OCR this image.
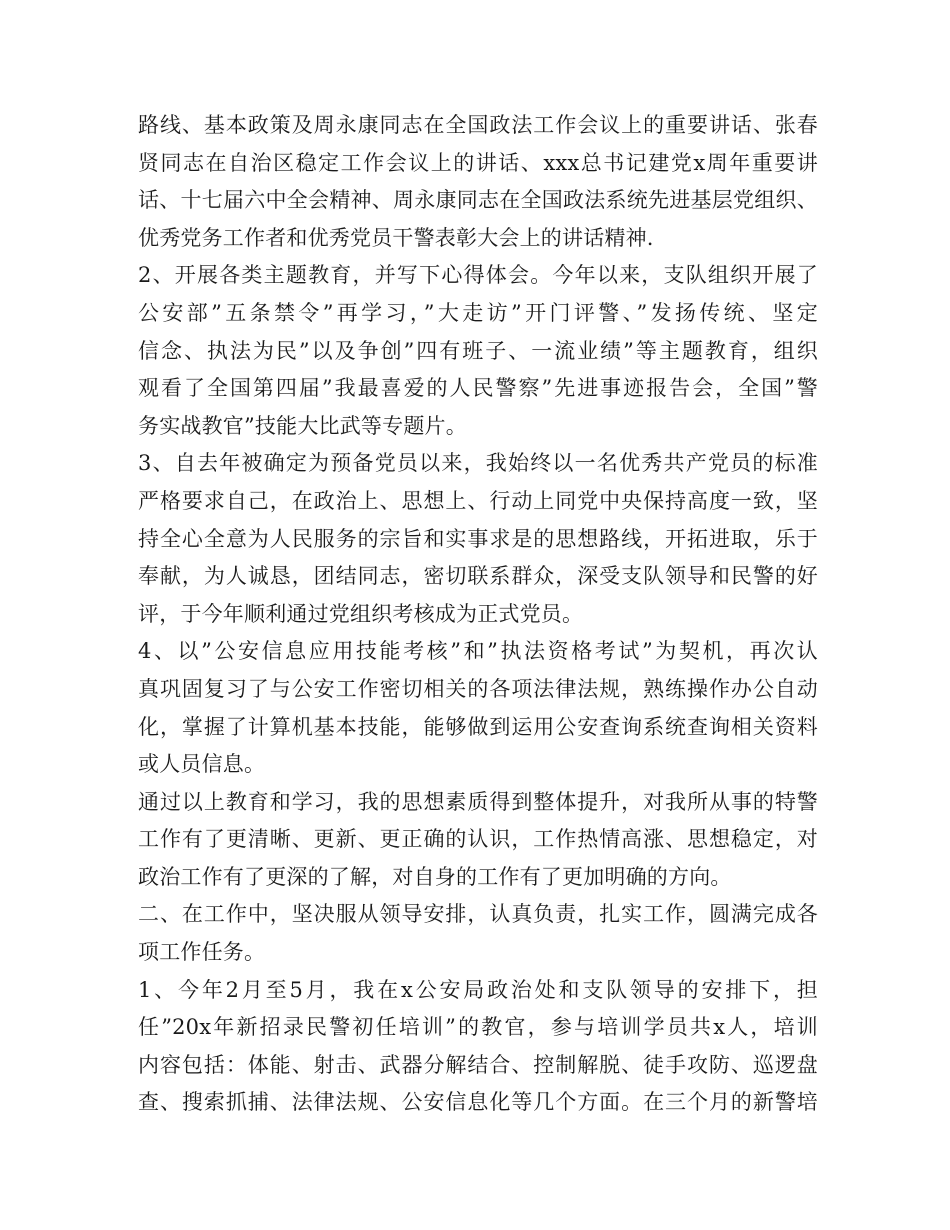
路线、基本政策及周永康同志在全国政法工作会议上的重要讲话、张春
贤同志在自治区稳定工作会议上的讲话、xxx总书记建党x周年重要讲
话、十七届六中全会精神、周永康同志在全国政法系统先进基层党组织、
优秀党务工作者和优秀党员干警表彰大会上的讲话精神.
2、开展各类主题教育，并写下心得体会。今年以来，支队组织开展了
公安部”五条禁令”再学习，”大走访”开门评警、”发扬传统、坚定
信念、执法为民”以及争创”四有班子、一流业绩”等主题教育，组织
观看了全国第四届”我最喜爱的人民警察”先进事迹报告会，全国”警
务实战教官”技能大比武等专题片。
3、自去年被确定为预备党员以来，我始终以一名优秀共产党员的标准
严格要求自己，在政治上、思想上、行动上同党中央保持高度一致，坚
持全心全意为人民服务的宗旨和实事求是的思想路线，开拓进取，乐于
奉献，为人诚恳，团结同志，密切联系群众，深受支队领导和民警的好
评，于今年顺利通过党组织考核成为正式党员。
4、以”公安信息应用技能考核”和”执法资格考试”为契机，再次认
真巩固复习了与公安工作密切相关的各项法律法规，熟练操作办公自动
化，掌握了计算机基本技能，能够做到运用公安查询系统查询相关资料
或人员信息。
通过以上教育和学习，我的思想素质得到整体提升，对我所从事的特警
工作有了更清晰、更新、更正确的认识，工作热情高涨、思想稳定，对
政治工作有了更深的了解，对自身的工作有了更加明确的方向。
二、在工作中，坚决服从领导安排，认真负责，扎实工作，圆满完成各
项工作任务。
1、今年2月至5月，我在x公安局政治处和支队领导的安排下，担
任”20x年新招录民警初任培训”的教官，参与培训学员共x人，培训
内容包括：体能、射击、武器分解结合、控制解脱、徒手攻防、巡逻盘
查、搜索抓捕、法律法规、公安信息化等几个方面。在三个月的新警培
